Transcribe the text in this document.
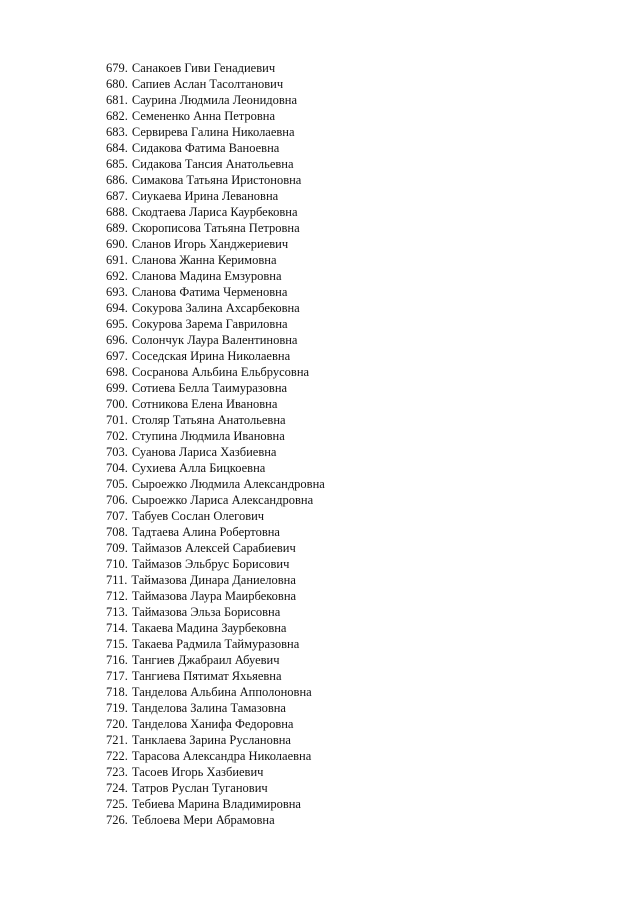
679. Санакоев Гиви Генадиевич
680. Сапиев Аслан Тасолтанович
681. Саурина Людмила Леонидовна
682. Семененко Анна Петровна
683. Сервирева Галина Николаевна
684. Сидакова Фатима Ваноевна
685. Сидакова Тансия Анатольевна
686. Симакова Татьяна Иристоновна
687. Сиукаева Ирина Левановна
688. Скодтаева Лариса Каурбековна
689. Скорописова Татьяна Петровна
690. Сланов Игорь Ханджериевич
691. Сланова Жанна Керимовна
692. Сланова Мадина Емзуровна
693. Сланова Фатима Черменовна
694. Сокурова Залина Ахсарбековна
695. Сокурова Зарема Гавриловна
696. Солончук Лаура Валентиновна
697. Соседская Ирина Николаевна
698. Сосранова Альбина Ельбрусовна
699. Сотиева Белла Таимуразовна
700. Сотникова Елена Ивановна
701. Столяр Татьяна Анатольевна
702. Ступина Людмила Ивановна
703. Суанова Лариса Хазбиевна
704. Сухиева Алла Бицкоевна
705. Сыроежко Людмила Александровна
706. Сыроежко Лариса Александровна
707. Табуев Сослан Олегович
708. Тадтаева Алина Робертовна
709. Таймазов Алексей Сарабиевич
710. Таймазов Эльбрус Борисович
711. Таймазова Динара Даниеловна
712. Таймазова Лаура Маирбековна
713. Таймазова Эльза Борисовна
714. Такаева Мадина Заурбековна
715. Такаева Радмила Таймуразовна
716. Тангиев Джабраил Абуевич
717. Тангиева Пятимат Яхьяевна
718. Танделова Альбина Апполоновна
719. Танделова Залина Тамазовна
720. Танделова Ханифа Федоровна
721. Танклаева Зарина Руслановна
722. Тарасова Александра Николаевна
723. Тасоев Игорь Хазбиевич
724. Татров Руслан Туганович
725. Тебиева Марина Владимировна
726. Теблоева Мери Абрамовна
